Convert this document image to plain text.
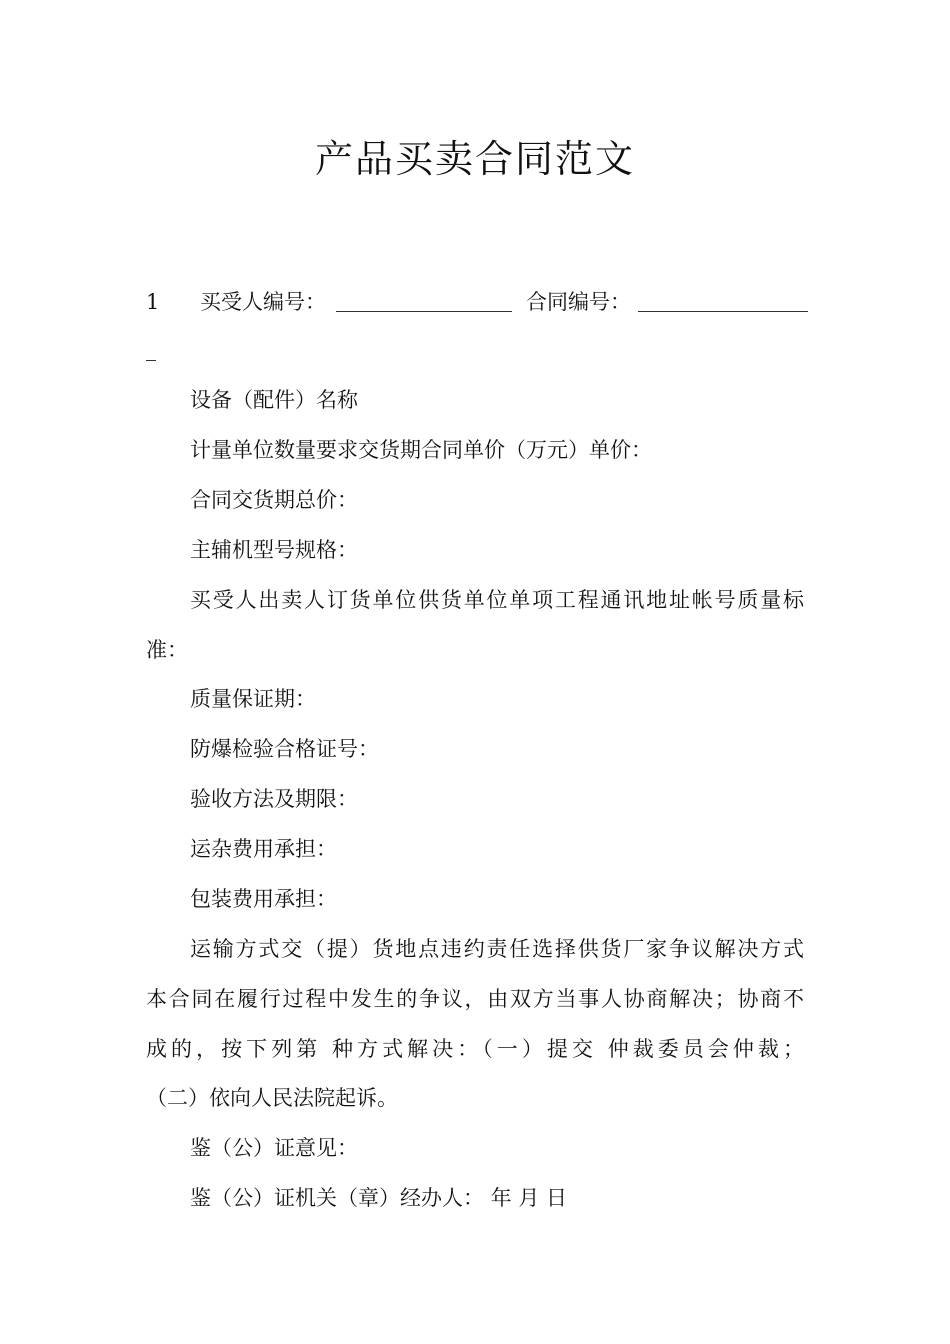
产品买卖合同范文
1 买受人编号：	合同编号：
设备（配件）名称
计量单位数量要求交货期合同单价（万元）单价：
合同交货期总价：
主辅机型号规格：
买受人出卖人订货单位供货单位单项工程通讯地址帐号质量标
准：
质量保证期：
防爆检验合格证号：
验收方法及期限：
运杂费用承担：
包装费用承担：
运输方式交（提）货地点违约责任选择供货厂家争议解决方式
本合同在履行过程中发生的争议，由双方当事人协商解决；协商不
成的，按下列第 种方式解决：（一）提交 仲裁委员会仲裁；
（二）依向人民法院起诉。
鉴（公）证意见：
鉴（公）证机关（章）经办人： 年 月 日
